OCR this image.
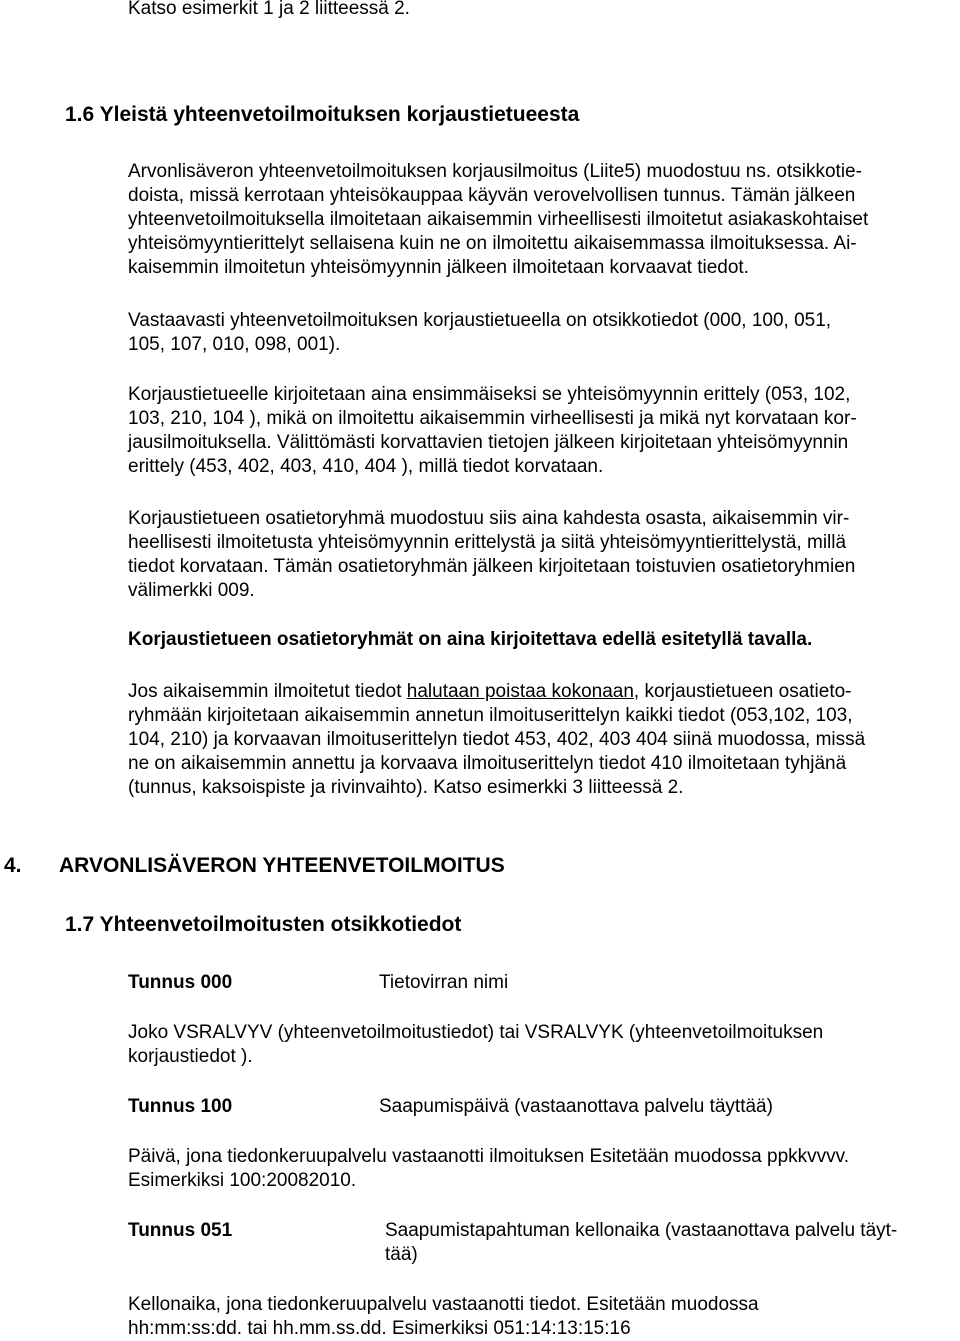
Katso esimerkit 1 ja 2 liitteessä 2.
1.6 Yleistä yhteenvetoilmoituksen korjaustietueesta
Arvonlisäveron yhteenvetoilmoituksen korjausilmoitus (Liite5) muodostuu ns. otsikkotie-
doista, missä kerrotaan yhteisökauppaa käyvän verovelvollisen tunnus. Tämän jälkeen
yhteenvetoilmoituksella ilmoitetaan aikaisemmin virheellisesti ilmoitetut asiakaskohtaiset
yhteisömyyntierittelyt sellaisena kuin ne on ilmoitettu aikaisemmassa ilmoituksessa. Ai-
kaisemmin ilmoitetun yhteisömyynnin jälkeen ilmoitetaan korvaavat tiedot.
Vastaavasti yhteenvetoilmoituksen korjaustietueella on otsikkotiedot (000, 100, 051,
105, 107, 010, 098, 001).
Korjaustietueelle kirjoitetaan aina ensimmäiseksi se yhteisömyynnin erittely (053, 102,
103, 210, 104 ), mikä on ilmoitettu aikaisemmin virheellisesti ja mikä nyt korvataan kor-
jausilmoituksella. Välittömästi korvattavien tietojen jälkeen kirjoitetaan yhteisömyynnin
erittely (453, 402, 403, 410, 404 ), millä tiedot korvataan.
Korjaustietueen osatietoryhmä muodostuu siis aina kahdesta osasta, aikaisemmin vir-
heellisesti ilmoitetusta yhteisömyynnin erittelystä ja siitä yhteisömyyntierittelystä, millä
tiedot korvataan. Tämän osatietoryhmän jälkeen kirjoitetaan toistuvien osatietoryhmien
välimerkki 009.
Korjaustietueen osatietoryhmät on aina kirjoitettava edellä esitetyllä tavalla.
Jos aikaisemmin ilmoitetut tiedot halutaan poistaa kokonaan, korjaustietueen osatieto-
ryhmään kirjoitetaan aikaisemmin annetun ilmoituserittelyn kaikki tiedot (053,102, 103,
104, 210) ja korvaavan ilmoituserittelyn tiedot 453, 402, 403 404 siinä muodossa, missä
ne on aikaisemmin annettu ja korvaava ilmoituserittelyn tiedot 410 ilmoitetaan tyhjänä
(tunnus, kaksoispiste ja rivinvaihto). Katso esimerkki 3 liitteessä 2.
4. ARVONLISÄVERON YHTEENVETOILMOITUS
1.7 Yhteenvetoilmoitusten otsikkotiedot
Tunnus 000	Tietovirran nimi
Joko VSRALVYV (yhteenvetoilmoitustiedot) tai VSRALVYK (yhteenvetoilmoituksen
korjaustiedot ).
Tunnus 100	Saapumispäivä (vastaanottava palvelu täyttää)
Päivä, jona tiedonkeruupalvelu vastaanotti ilmoituksen Esitetään muodossa ppkkvvvv.
Esimerkiksi 100:20082010.
Tunnus 051	Saapumistapahtuman kellonaika (vastaanottava palvelu täyt-
tää)
Kellonaika, jona tiedonkeruupalvelu vastaanotti tiedot. Esitetään muodossa
hh:mm:ss:dd. tai hh.mm.ss.dd. Esimerkiksi 051:14:13:15:16
